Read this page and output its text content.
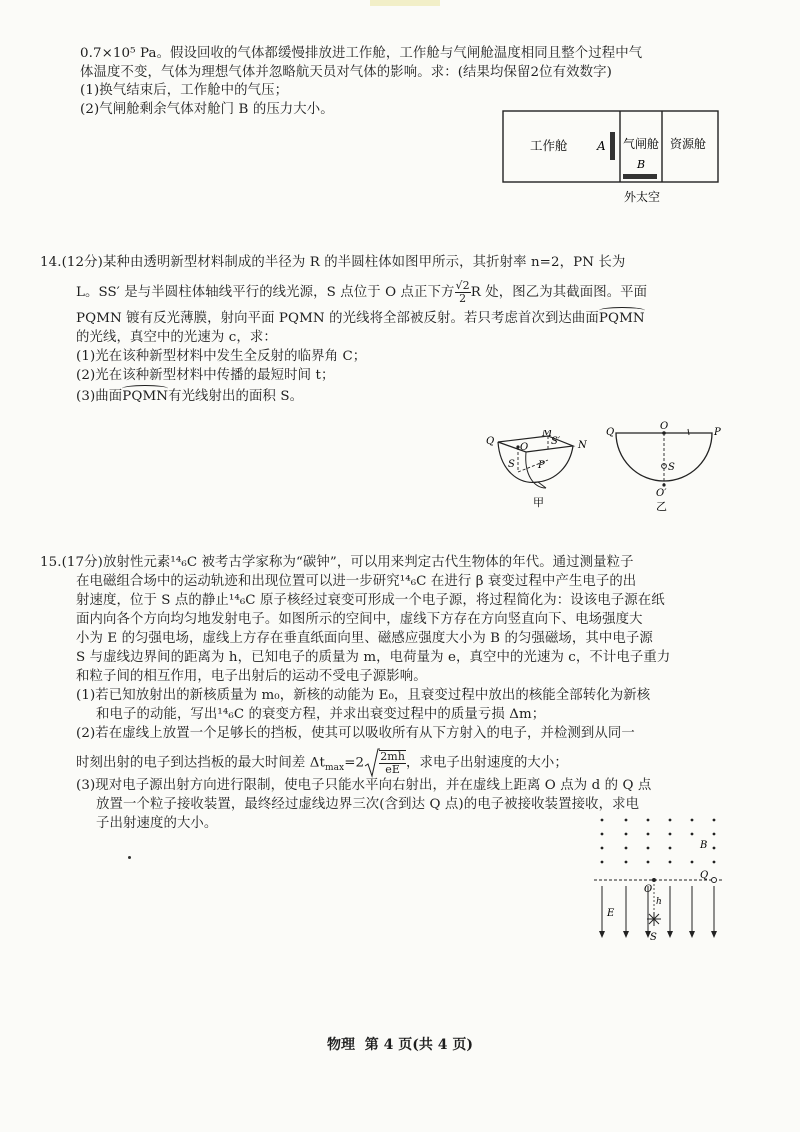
0.7×10⁵ Pa。假设回收的气体都缓慢排放进工作舱，工作舱与气闸舱温度相同且整个过程中气

体温度不变，气体为理想气体并忽略航天员对气体的影响。求：(结果均保留2位有效数字)

(1)换气结束后，工作舱中的气压；

(2)气闸舱剩余气体对舱门 B 的压力大小。

工作舱 A 气闸舱
B
资源舱
外太空

14.(12分)某种由透明新型材料制成的半径为 R 的半圆柱体如图甲所示，其折射率 n=2，PN 长为

L。SS′ 是与半圆柱体轴线平行的线光源，S 点位于 O 点正下方 $\frac{√2}{2}$ R 处，图乙为其截面图。平面

PQMN 镀有反光薄膜，射向平面 PQMN 的光线将全部被反射。若只考虑首次到达曲面PQMN

的光线，真空中的光速为 c，求：

(1)光在该种新型材料中发生全反射的临界角 C；

(2)光在该种新型材料中传播的最短时间 t；

(3)曲面PQMN有光线射出的面积 S。

M
Q
O
S′ N
S P
甲
Q
O
P
S
O′
乙

15.(17分)放射性元素¹⁴₆C 被考古学家称为“碳钟”，可以用来判定古代生物体的年代。通过测量粒子

在电磁组合场中的运动轨迹和出现位置可以进一步研究¹⁴₆C 在进行 β 衰变过程中产生电子的出

射速度，位于 S 点的静止¹⁴₆C 原子核经过衰变可形成一个电子源，将过程简化为：设该电子源在纸

面内向各个方向均匀地发射电子。如图所示的空间中，虚线下方存在方向竖直向下、电场强度大

小为 E 的匀强电场，虚线上方存在垂直纸面向里、磁感应强度大小为 B 的匀强磁场，其中电子源

S 与虚线边界间的距离为 h，已知电子的质量为 m，电荷量为 e，真空中的光速为 c，不计电子重力

和粒子间的相互作用，电子出射后的运动不受电子源影响。

(1)若已知放射出的新核质量为 m₀，新核的动能为 E₀，且衰变过程中放出的核能全部转化为新核

和电子的动能，写出¹⁴₆C 的衰变方程，并求出衰变过程中的质量亏损 Δm；

(2)若在虚线上放置一个足够长的挡板，使其可以吸收所有从下方射入的电子，并检测到从同一

时刻出射的电子到达挡板的最大时间差 $\Delta t_{max}=2 \frac{2mh}{eE}$ ，求电子出射速度的大小；

(3)现对电子源出射方向进行限制，使电子只能水平向右射出，并在虚线上距离 O 点为 d 的 Q 点

放置一个粒子接收装置，最终经过虚线边界三次(含到达 Q 点)的电子被接收装置接收，求电

子出射速度的大小。

B
Q
O
h
E
S
物理 第 4 页(共 4 页)
